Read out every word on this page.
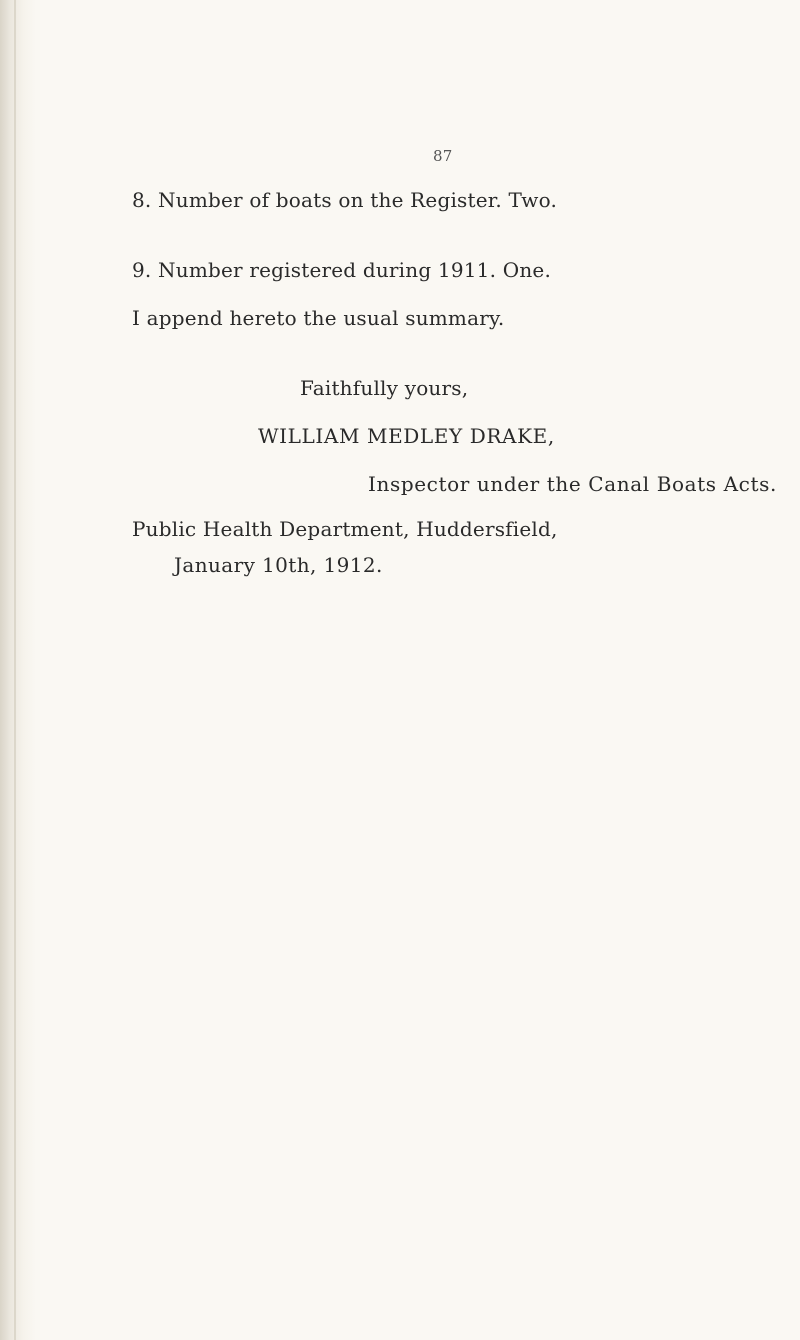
87
8. Number of boats on the Register. Two.
9. Number registered during 1911. One.
I append hereto the usual summary.
Faithfully yours,
WILLIAM MEDLEY DRAKE,
Inspector under the Canal Boats Acts.
Public Health Department, Huddersfield,
January 10th, 1912.
